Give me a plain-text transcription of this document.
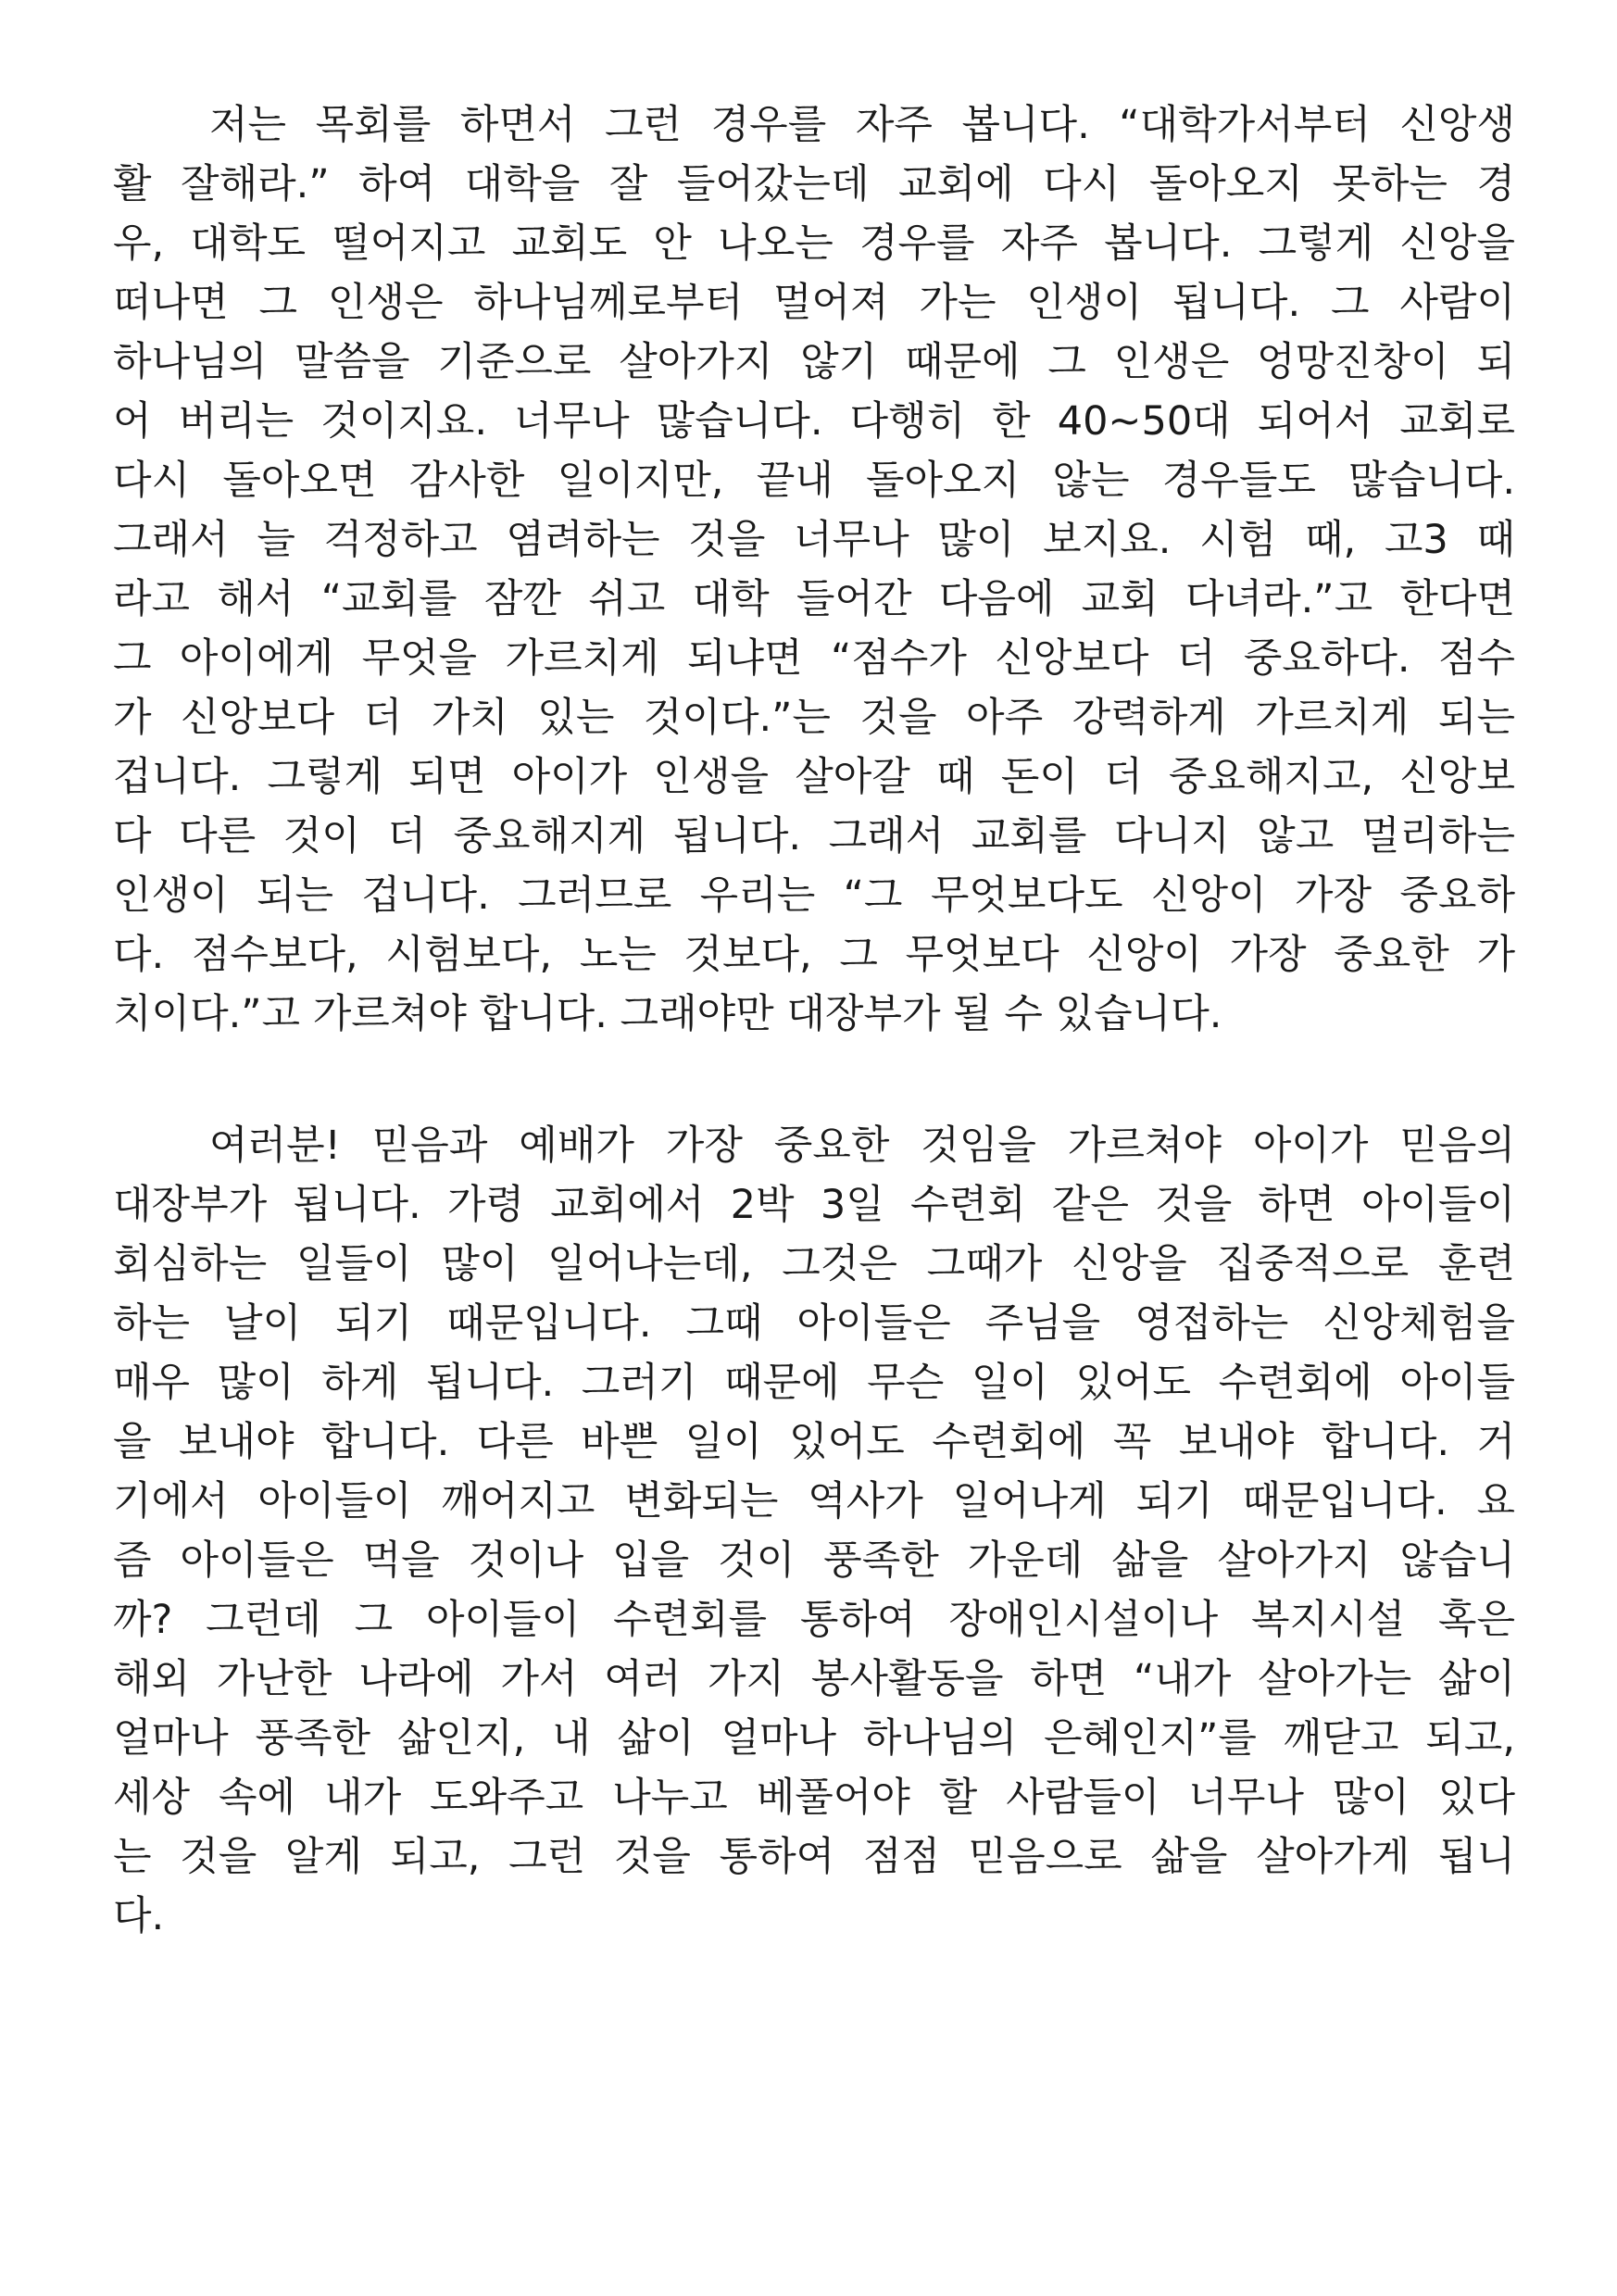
저는 목회를 하면서 그런 경우를 자주 봅니다. “대학가서부터 신앙생
활 잘해라.” 하여 대학을 잘 들어갔는데 교회에 다시 돌아오지 못하는 경
우, 대학도 떨어지고 교회도 안 나오는 경우를 자주 봅니다. 그렇게 신앙을
떠나면 그 인생은 하나님께로부터 멀어져 가는 인생이 됩니다. 그 사람이
하나님의 말씀을 기준으로 살아가지 않기 때문에 그 인생은 엉망진창이 되
어 버리는 것이지요. 너무나 많습니다. 다행히 한 40~50대 되어서 교회로
다시 돌아오면 감사한 일이지만, 끝내 돌아오지 않는 경우들도 많습니다.
그래서 늘 걱정하고 염려하는 것을 너무나 많이 보지요. 시험 때, 고3 때
라고 해서 “교회를 잠깐 쉬고 대학 들어간 다음에 교회 다녀라.”고 한다면
그 아이에게 무엇을 가르치게 되냐면 “점수가 신앙보다 더 중요하다. 점수
가 신앙보다 더 가치 있는 것이다.”는 것을 아주 강력하게 가르치게 되는
겁니다. 그렇게 되면 아이가 인생을 살아갈 때 돈이 더 중요해지고, 신앙보
다 다른 것이 더 중요해지게 됩니다. 그래서 교회를 다니지 않고 멀리하는
인생이 되는 겁니다. 그러므로 우리는 “그 무엇보다도 신앙이 가장 중요하
다. 점수보다, 시험보다, 노는 것보다, 그 무엇보다 신앙이 가장 중요한 가
치이다.”고 가르쳐야 합니다. 그래야만 대장부가 될 수 있습니다.
여러분! 믿음과 예배가 가장 중요한 것임을 가르쳐야 아이가 믿음의
대장부가 됩니다. 가령 교회에서 2박 3일 수련회 같은 것을 하면 아이들이
회심하는 일들이 많이 일어나는데, 그것은 그때가 신앙을 집중적으로 훈련
하는 날이 되기 때문입니다. 그때 아이들은 주님을 영접하는 신앙체험을
매우 많이 하게 됩니다. 그러기 때문에 무슨 일이 있어도 수련회에 아이들
을 보내야 합니다. 다른 바쁜 일이 있어도 수련회에 꼭 보내야 합니다. 거
기에서 아이들이 깨어지고 변화되는 역사가 일어나게 되기 때문입니다. 요
즘 아이들은 먹을 것이나 입을 것이 풍족한 가운데 삶을 살아가지 않습니
까? 그런데 그 아이들이 수련회를 통하여 장애인시설이나 복지시설 혹은
해외 가난한 나라에 가서 여러 가지 봉사활동을 하면 “내가 살아가는 삶이
얼마나 풍족한 삶인지, 내 삶이 얼마나 하나님의 은혜인지”를 깨닫고 되고,
세상 속에 내가 도와주고 나누고 베풀어야 할 사람들이 너무나 많이 있다
는 것을 알게 되고, 그런 것을 통하여 점점 믿음으로 삶을 살아가게 됩니
다.
